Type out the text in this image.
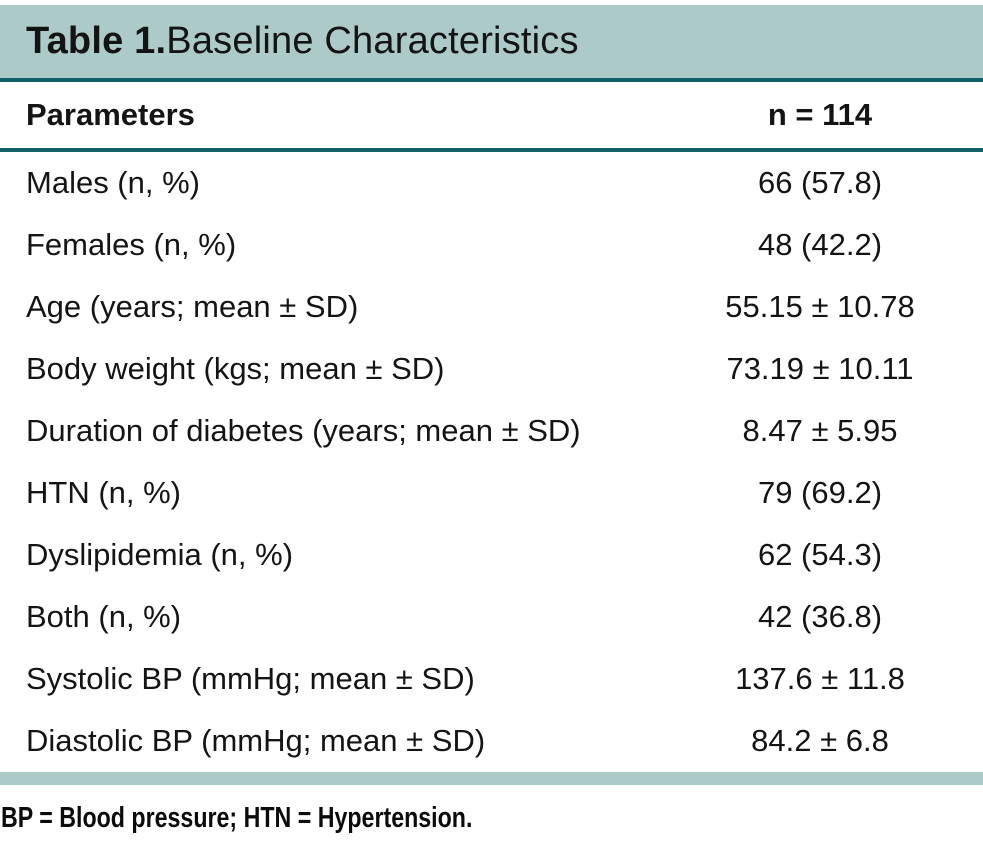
Table 1. Baseline Characteristics
Parameters	n = 114
Males (n, %)	66 (57.8)
Females (n, %)	48 (42.2)
Age (years; mean ± SD)	55.15 ± 10.78
Body weight (kgs; mean ± SD)	73.19 ± 10.11
Duration of diabetes (years; mean ± SD)	8.47 ± 5.95
HTN (n, %)	79 (69.2)
Dyslipidemia (n, %)	62 (54.3)
Both (n, %)	42 (36.8)
Systolic BP (mmHg; mean ± SD)	137.6 ± 11.8
Diastolic BP (mmHg; mean ± SD)	84.2 ± 6.8
BP = Blood pressure; HTN = Hypertension.
